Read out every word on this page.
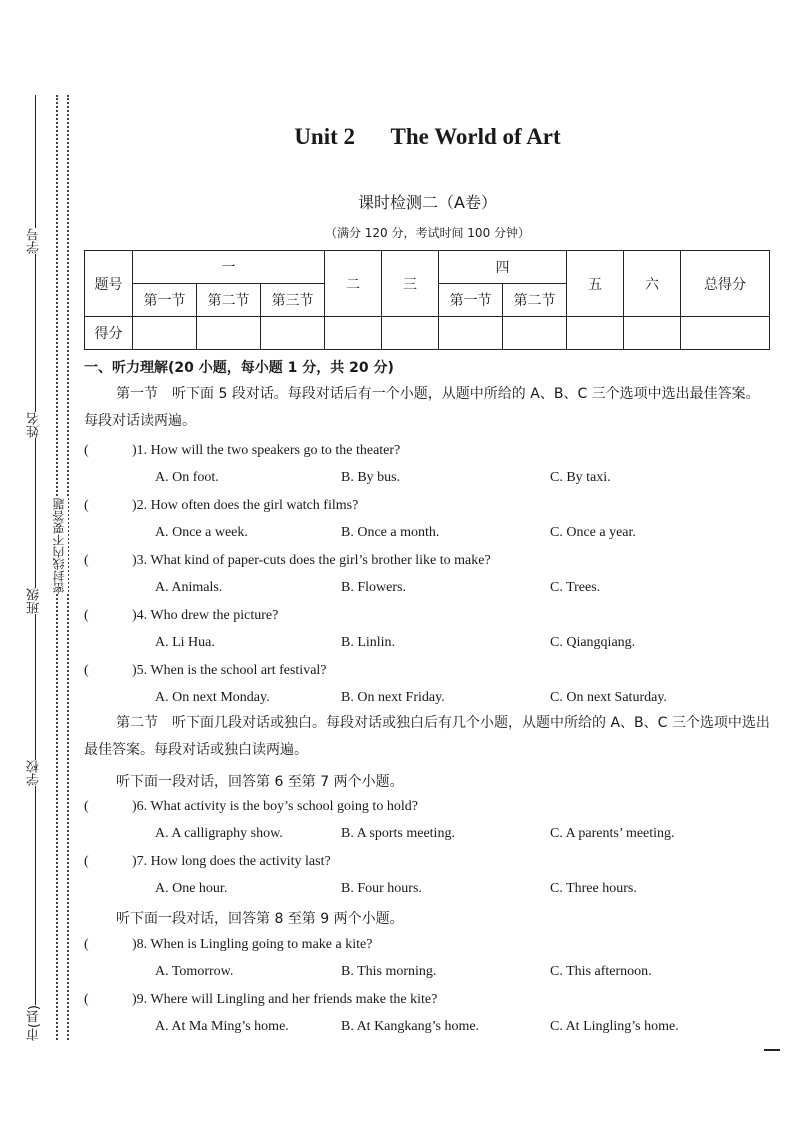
学号
姓名
班级
学校
市(县)
密封线内不要答题
Unit 2 The World of Art
课时检测二（A卷）
（满分 120 分，考试时间 100 分钟）
题号	一			二	三	四		五	六	总得分
	第一节	第二节	第三节			第一节	第二节			
得分										
一、听力理解(20 小题，每小题 1 分，共 20 分)
第一节　听下面 5 段对话。每段对话后有一个小题，从题中所给的 A、B、C 三个选项中选出最佳答案。每段对话读两遍。
(	)1. How will the two speakers go to the theater?
A. On foot.	B. By bus.	C. By taxi.
(	)2. How often does the girl watch films?
A. Once a week.	B. Once a month.	C. Once a year.
(	)3. What kind of paper-cuts does the girl’s brother like to make?
A. Animals.	B. Flowers.	C. Trees.
(	)4. Who drew the picture?
A. Li Hua.	B. Linlin.	C. Qiangqiang.
(	)5. When is the school art festival?
A. On next Monday.	B. On next Friday.	C. On next Saturday.
(	)6. What activity is the boy’s school going to hold?
A. A calligraphy show.	B. A sports meeting.	C. A parents’ meeting.
(	)7. How long does the activity last?
A. One hour.	B. Four hours.	C. Three hours.
(	)8. When is Lingling going to make a kite?
A. Tomorrow.	B. This morning.	C. This afternoon.
(	)9. Where will Lingling and her friends make the kite?
A. At Ma Ming’s home.	B. At Kangkang’s home.	C. At Lingling’s home.
第二节　听下面几段对话或独白。每段对话或独白后有几个小题，从题中所给的 A、B、C 三个选项中选出最佳答案。每段对话或独白读两遍。
听下面一段对话，回答第 6 至第 7 两个小题。
听下面一段对话，回答第 8 至第 9 两个小题。
